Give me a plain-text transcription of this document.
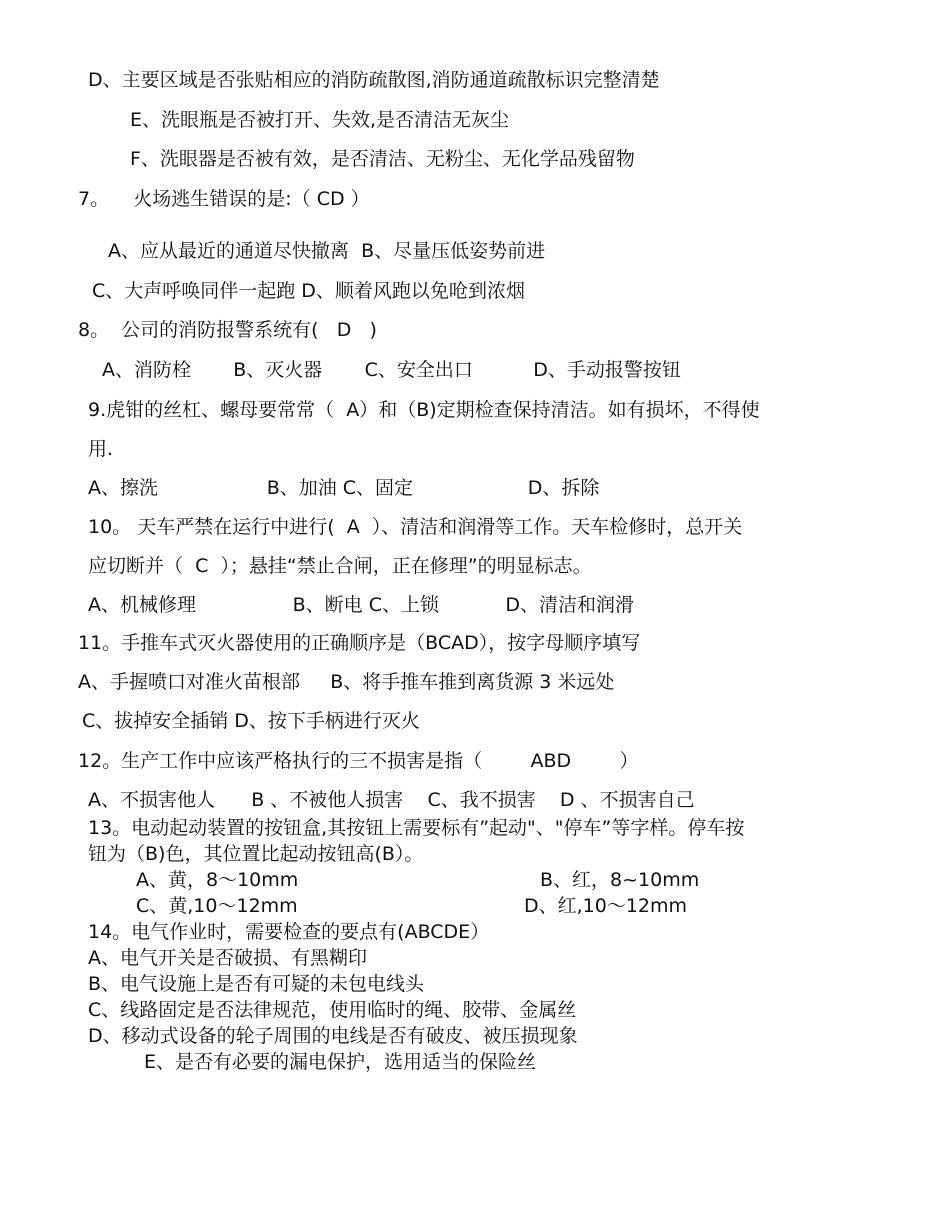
D、主要区域是否张贴相应的消防疏散图,消防通道疏散标识完整清楚
E、洗眼瓶是否被打开、失效,是否清洁无灰尘
F、洗眼器是否被有效，是否清洁、无粉尘、无化学品残留物
7。    火场逃生错误的是:（ CD ）
A、应从最近的通道尽快撤离  B、尽量压低姿势前进
C、大声呼唤同伴一起跑 D、顺着风跑以免呛到浓烟
8。  公司的消防报警系统有(   D   )
A、消防栓       B、灭火器       C、安全出口          D、手动报警按钮
9.虎钳的丝杠、螺母要常常（  A）和（B)定期检查保持清洁。如有损坏，不得使
用.
A、擦洗                  B、加油 C、固定                   D、拆除
10。 天车严禁在运行中进行(  A  ）、清洁和润滑等工作。天车检修时，总开关
应切断并（  C  ）；悬挂“禁止合闸，正在修理”的明显标志。
A、机械修理                B、断电 C、上锁           D、清洁和润滑
11。手推车式灭火器使用的正确顺序是（BCAD），按字母顺序填写
A、手握喷口对准火苗根部     B、将手推车推到离货源 3 米远处
C、拔掉安全插销 D、按下手柄进行灭火
12。生产工作中应该严格执行的三不损害是指（        ABD        ）
A、不损害他人      B 、不被他人损害    C、我不损害    D 、不损害自己
13。电动起动装置的按钮盒,其按钮上需要标有”起动"、"停车”等字样。停车按
钮为（B)色，其位置比起动按钮高(B）。
A、黄，8～10mm	B、红，8~10mm
C、黄,10～12mm	D、红,10～12mm
14。电气作业时，需要检查的要点有(ABCDE）
A、电气开关是否破损、有黑糊印
B、电气设施上是否有可疑的未包电线头
C、线路固定是否法律规范，使用临时的绳、胶带、金属丝
D、移动式设备的轮子周围的电线是否有破皮、被压损现象
E、是否有必要的漏电保护，选用适当的保险丝
